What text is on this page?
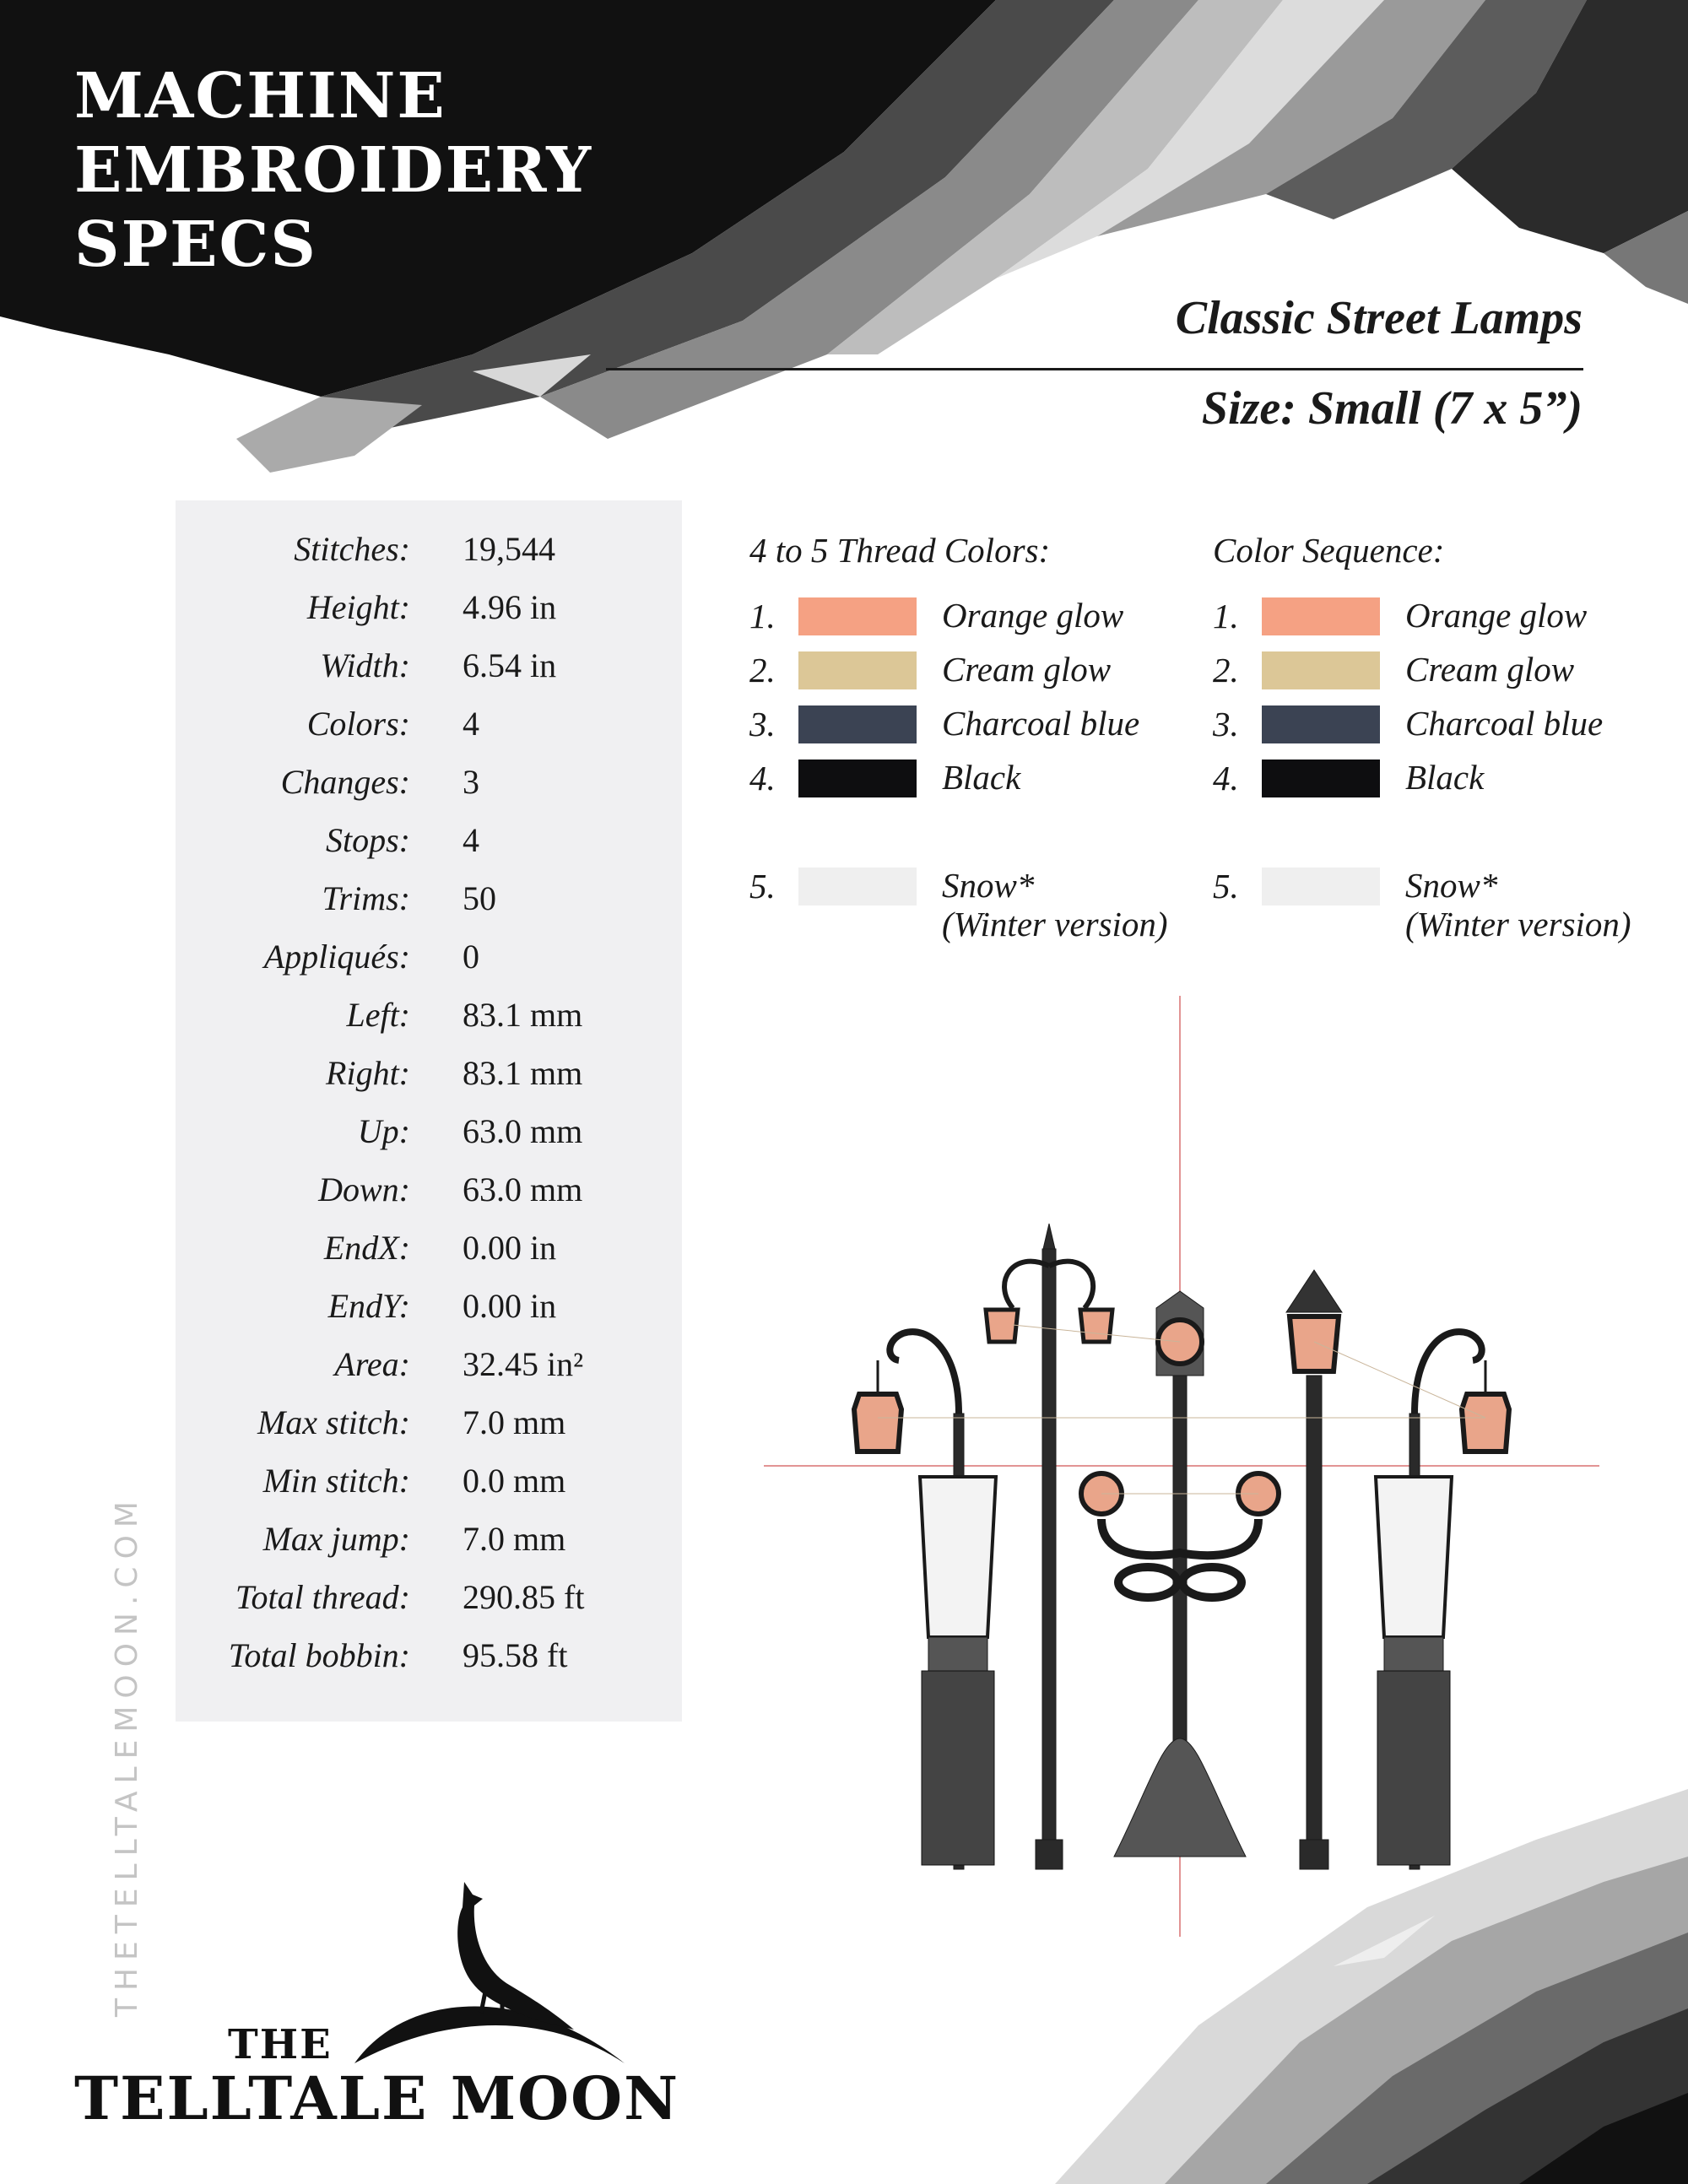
MACHINE
EMBROIDERY
SPECS
Classic Street Lamps
Size: Small (7 x 5”)
Stitches: 19,544
Height: 4.96 in
Width: 6.54 in
Colors: 4
Changes: 3
Stops: 4
Trims: 50
Appliqués: 0
Left: 83.1 mm
Right: 83.1 mm
Up: 63.0 mm
Down: 63.0 mm
EndX: 0.00 in
EndY: 0.00 in
Area: 32.45 in²
Max stitch: 7.0 mm
Min stitch: 0.0 mm
Max jump: 7.0 mm
Total thread: 290.85 ft
Total bobbin: 95.58 ft
4 to 5 Thread Colors:
1.	Orange glow
2.	Cream glow
3.	Charcoal blue
4.	Black
5.	Snow*
(Winter version)
Color Sequence:
1.	Orange glow
2.	Cream glow
3.	Charcoal blue
4.	Black
5.	Snow*
(Winter version)
THETELLTALEMOON.COM
THE
TELLTALE MOON
